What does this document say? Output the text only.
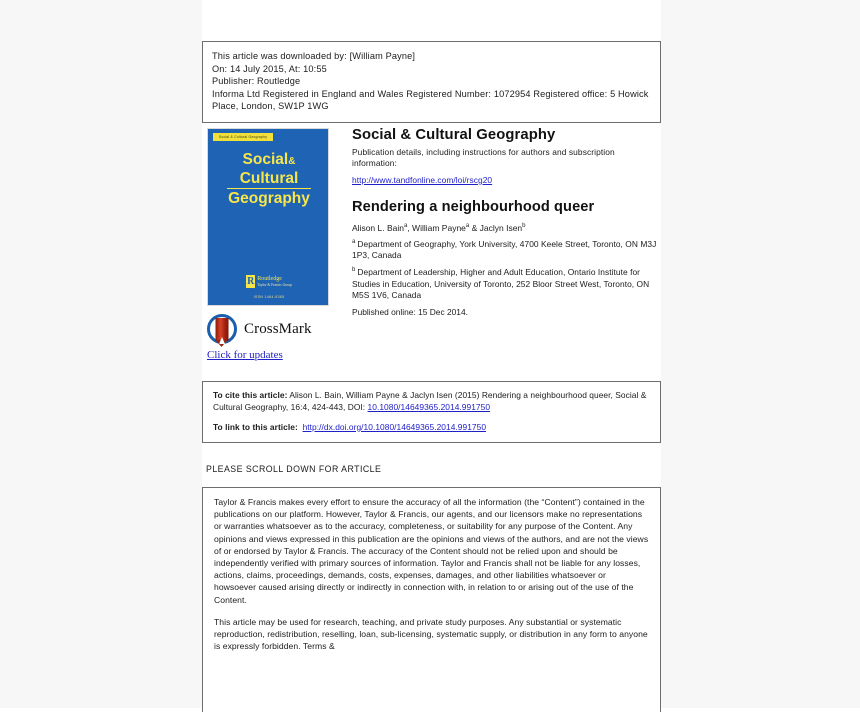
This article was downloaded by: [William Payne]
On: 14 July 2015, At: 10:55
Publisher: Routledge
Informa Ltd Registered in England and Wales Registered Number: 1072954 Registered office: 5 Howick Place, London, SW1P 1WG
Social & Cultural Geography
Social&
Cultural
Geography
R Routledge
Taylor & Francis Group
ISSN 1464-9365
Social & Cultural Geography
Publication details, including instructions for authors and subscription information:
http://www.tandfonline.com/loi/rscg20
Rendering a neighbourhood queer
Alison L. Bain$^a$, William Payne$^a$ & Jaclyn Isen$^b$
$^a$ Department of Geography, York University, 4700 Keele Street, Toronto, ON M3J 1P3, Canada
$^b$ Department of Leadership, Higher and Adult Education, Ontario Institute for Studies in Education, University of Toronto, 252 Bloor Street West, Toronto, ON M5S 1V6, Canada
Published online: 15 Dec 2014.
CrossMark
Click for updates
To cite this article: Alison L. Bain, William Payne & Jaclyn Isen (2015) Rendering a neighbourhood queer, Social & Cultural Geography, 16:4, 424-443, DOI: 10.1080/14649365.2014.991750
To link to this article: http://dx.doi.org/10.1080/14649365.2014.991750
PLEASE SCROLL DOWN FOR ARTICLE

Taylor & Francis makes every effort to ensure the accuracy of all the information (the “Content”) contained in the publications on our platform. However, Taylor & Francis, our agents, and our licensors make no representations or warranties whatsoever as to the accuracy, completeness, or suitability for any purpose of the Content. Any opinions and views expressed in this publication are the opinions and views of the authors, and are not the views of or endorsed by Taylor & Francis. The accuracy of the Content should not be relied upon and should be independently verified with primary sources of information. Taylor and Francis shall not be liable for any losses, actions, claims, proceedings, demands, costs, expenses, damages, and other liabilities whatsoever or howsoever caused arising directly or indirectly in connection with, in relation to or arising out of the use of the Content.

This article may be used for research, teaching, and private study purposes. Any substantial or systematic reproduction, redistribution, reselling, loan, sub-licensing, systematic supply, or distribution in any form to anyone is expressly forbidden. Terms &
